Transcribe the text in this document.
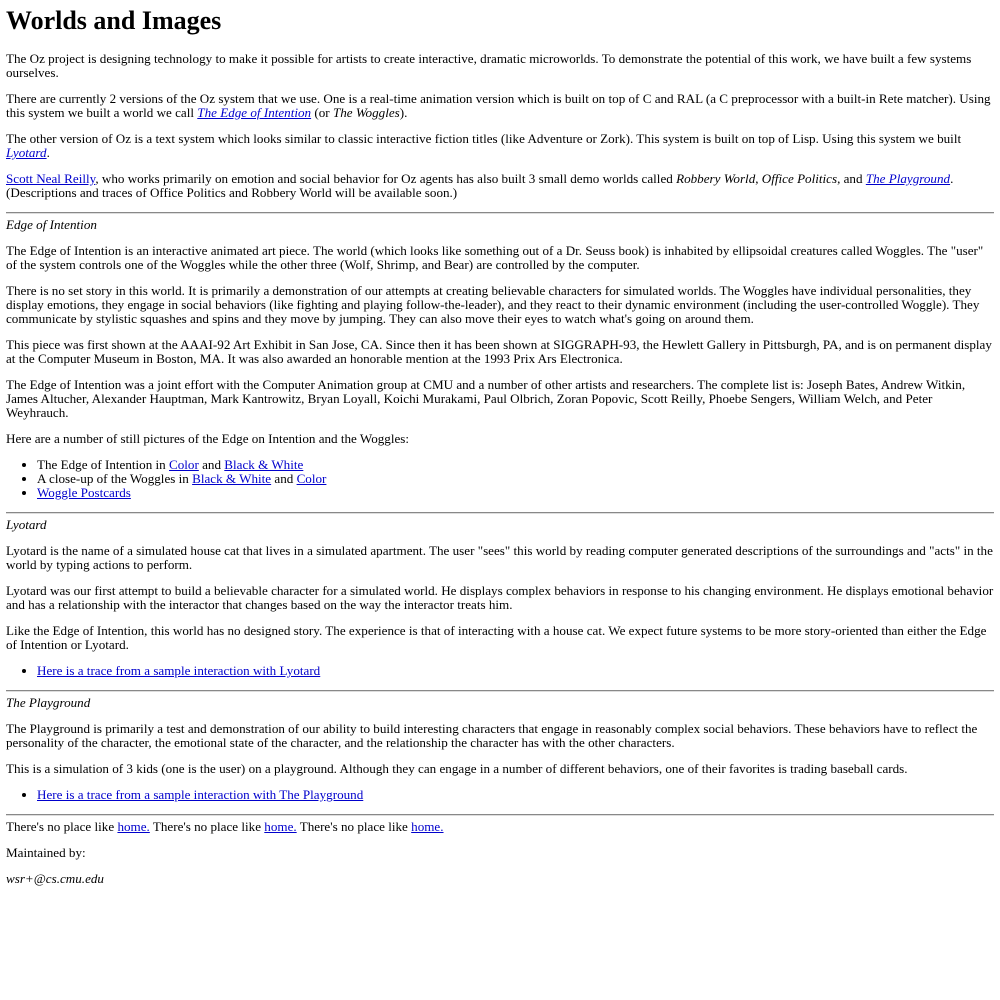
Worlds and Images

The Oz project is designing technology to make it possible for artists to create interactive, dramatic microworlds. To demonstrate the potential of this work, we have built a few systems ourselves.

There are currently 2 versions of the Oz system that we use. One is a real-time animation version which is built on top of C and RAL (a C preprocessor with a built-in Rete matcher). Using this system we built a world we call The Edge of Intention (or The Woggles).

The other version of Oz is a text system which looks similar to classic interactive fiction titles (like Adventure or Zork). This system is built on top of Lisp. Using this system we built Lyotard.

Scott Neal Reilly, who works primarily on emotion and social behavior for Oz agents has also built 3 small demo worlds called Robbery World, Office Politics, and The Playground. (Descriptions and traces of Office Politics and Robbery World will be available soon.)

Edge of Intention

The Edge of Intention is an interactive animated art piece. The world (which looks like something out of a Dr. Seuss book) is inhabited by ellipsoidal creatures called Woggles. The "user" of the system controls one of the Woggles while the other three (Wolf, Shrimp, and Bear) are controlled by the computer.

There is no set story in this world. It is primarily a demonstration of our attempts at creating believable characters for simulated worlds. The Woggles have individual personalities, they display emotions, they engage in social behaviors (like fighting and playing follow-the-leader), and they react to their dynamic environment (including the user-controlled Woggle). They communicate by stylistic squashes and spins and they move by jumping. They can also move their eyes to watch what's going on around them.

This piece was first shown at the AAAI-92 Art Exhibit in San Jose, CA. Since then it has been shown at SIGGRAPH-93, the Hewlett Gallery in Pittsburgh, PA, and is on permanent display at the Computer Museum in Boston, MA. It was also awarded an honorable mention at the 1993 Prix Ars Electronica.

The Edge of Intention was a joint effort with the Computer Animation group at CMU and a number of other artists and researchers. The complete list is: Joseph Bates, Andrew Witkin, James Altucher, Alexander Hauptman, Mark Kantrowitz, Bryan Loyall, Koichi Murakami, Paul Olbrich, Zoran Popovic, Scott Reilly, Phoebe Sengers, William Welch, and Peter Weyhrauch.

Here are a number of still pictures of the Edge on Intention and the Woggles:

• The Edge of Intention in Color and Black & White
• A close-up of the Woggles in Black & White and Color
• Woggle Postcards
Lyotard

Lyotard is the name of a simulated house cat that lives in a simulated apartment. The user "sees" this world by reading computer generated descriptions of the surroundings and "acts" in the world by typing actions to perform.

Lyotard was our first attempt to build a believable character for a simulated world. He displays complex behaviors in response to his changing environment. He displays emotional behavior and has a relationship with the interactor that changes based on the way the interactor treats him.

Like the Edge of Intention, this world has no designed story. The experience is that of interacting with a house cat. We expect future systems to be more story-oriented than either the Edge of Intention or Lyotard.

• Here is a trace from a sample interaction with Lyotard
The Playground

The Playground is primarily a test and demonstration of our ability to build interesting characters that engage in reasonably complex social behaviors. These behaviors have to reflect the personality of the character, the emotional state of the character, and the relationship the character has with the other characters.

This is a simulation of 3 kids (one is the user) on a playground. Although they can engage in a number of different behaviors, one of their favorites is trading baseball cards.

• Here is a trace from a sample interaction with The Playground

There's no place like home. There's no place like home. There's no place like home.

Maintained by:

wsr+@cs.cmu.edu
